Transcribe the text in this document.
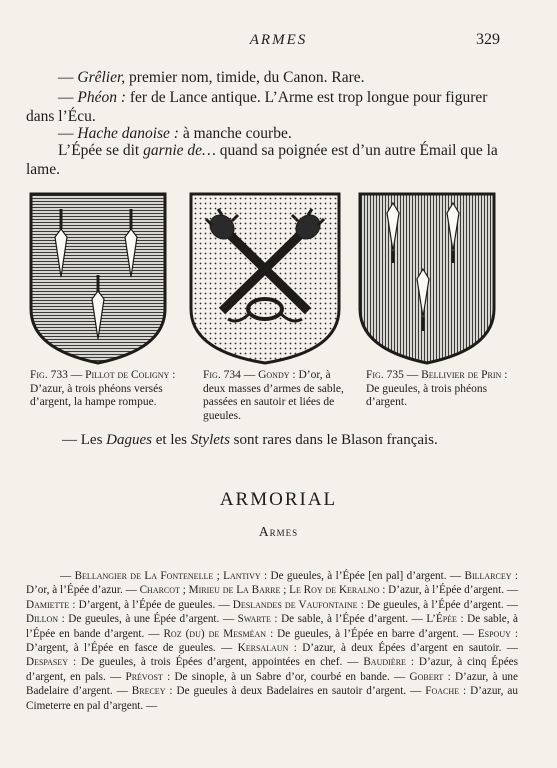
ARMES	329
— Grêlier, premier nom, timide, du Canon. Rare.
— Phéon : fer de Lance antique. L’Arme est trop longue pour figurer dans l’Écu.
— Hache danoise : à manche courbe.
L’Épée se dit garnie de… quand sa poignée est d’un autre Émail que la lame.
Fig. 733 — Pillot de Coligny : D’azur, à trois phéons versés d’argent, la hampe rompue.
Fig. 734 — Gondy : D’or, à deux masses d’armes de sable, passées en sautoir et liées de gueules.
Fig. 735 — Bellivier de Prin : De gueules, à trois phéons d’argent.
— Les Dagues et les Stylets sont rares dans le Blason français.
ARMORIAL
Armes
— Bellangier de La Fontenelle ; Lantivy : De gueules, à l’Épée [en pal] d’argent. — Billarcey : D’or, à l’Épée d’azur. — Charcot ; Mirieu de La Barre ; Le Roy de Keralno : D’azur, à l’Épée d’argent. — Damiette : D’argent, à l’Épée de gueules. — Deslandes de Vaufontaine : De gueules, à l’Épée d’argent. — Dillon : De gueules, à une Épée d’argent. — Swarte : De sable, à l’Épée d’argent. — L’Épée : De sable, à l’Épée en bande d’argent. — Roz (du) de Mesméan : De gueules, à l’Épée en barre d’argent. — Espouy : D’argent, à l’Épée en fasce de gueules. — Kersalaun : D’azur, à deux Épées d’argent en sautoir. — Despasey : De gueules, à trois Épées d’argent, appointées en chef. — Baudière : D’azur, à cinq Épées d’argent, en pals. — Prévost : De sinople, à un Sabre d’or, courbé en bande. — Gobert : D’azur, à une Badelaire d’argent. — Brecey : De gueules à deux Badelaires en sautoir d’argent. — Foache : D’azur, au Cimeterre en pal d’argent. —
